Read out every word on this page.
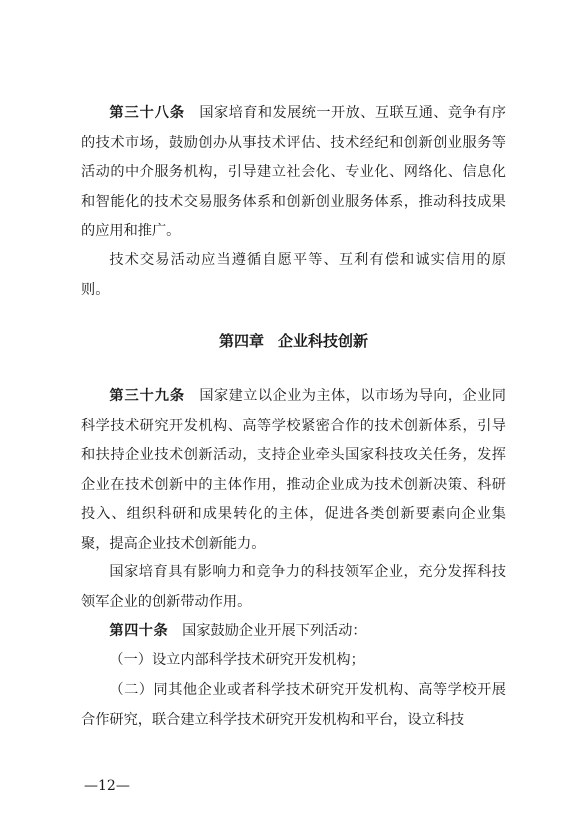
第三十八条 国家培育和发展统一开放、互联互通、竞争有序的技术市场，鼓励创办从事技术评估、技术经纪和创新创业服务等活动的中介服务机构，引导建立社会化、专业化、网络化、信息化和智能化的技术交易服务体系和创新创业服务体系，推动科技成果的应用和推广。

技术交易活动应当遵循自愿平等、互利有偿和诚实信用的原则。

第四章 企业科技创新

第三十九条 国家建立以企业为主体，以市场为导向，企业同科学技术研究开发机构、高等学校紧密合作的技术创新体系，引导和扶持企业技术创新活动，支持企业牵头国家科技攻关任务，发挥企业在技术创新中的主体作用，推动企业成为技术创新决策、科研投入、组织科研和成果转化的主体，促进各类创新要素向企业集聚，提高企业技术创新能力。

国家培育具有影响力和竞争力的科技领军企业，充分发挥科技领军企业的创新带动作用。

第四十条 国家鼓励企业开展下列活动：

（一）设立内部科学技术研究开发机构；

（二）同其他企业或者科学技术研究开发机构、高等学校开展合作研究，联合建立科学技术研究开发机构和平台，设立科技

—12—
